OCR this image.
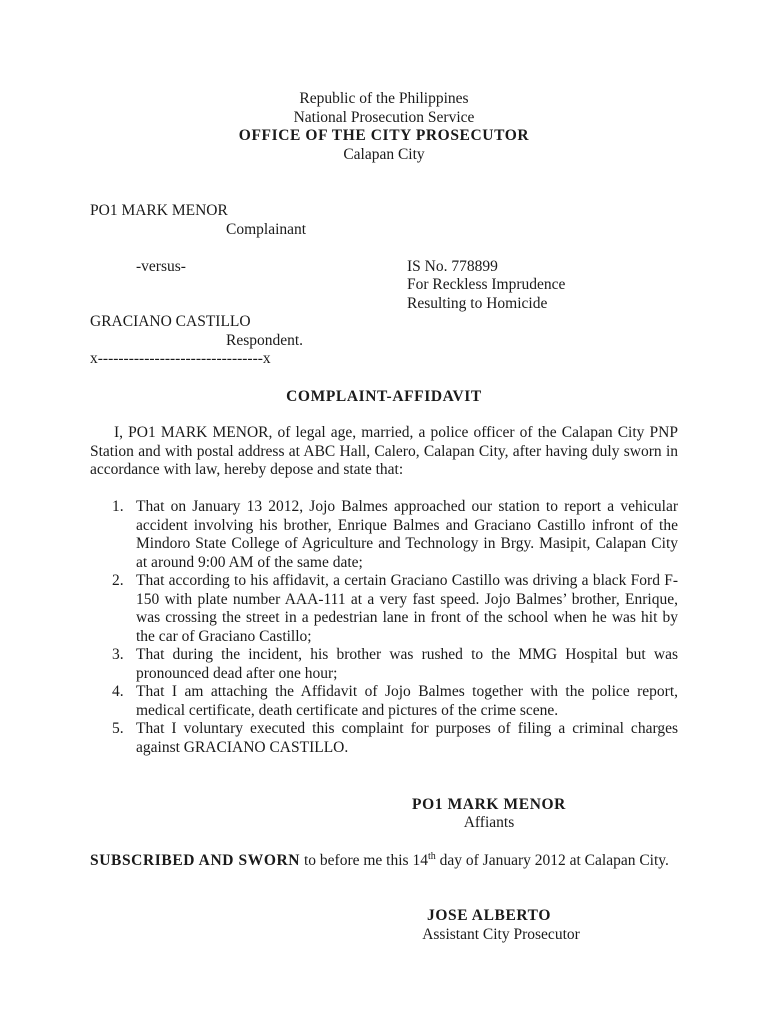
Republic of the Philippines
National Prosecution Service
OFFICE OF THE CITY PROSECUTOR
Calapan City
PO1 MARK MENOR
Complainant
-versus-	IS No. 778899
For Reckless Imprudence
Resulting to Homicide
GRACIANO CASTILLO
Respondent.
x--------------------------------x
COMPLAINT-AFFIDAVIT
I, PO1 MARK MENOR, of legal age, married, a police officer of the Calapan City PNP Station and with postal address at ABC Hall, Calero, Calapan City, after having duly sworn in accordance with law, hereby depose and state that:
1. That on January 13 2012, Jojo Balmes approached our station to report a vehicular accident involving his brother, Enrique Balmes and Graciano Castillo infront of the Mindoro State College of Agriculture and Technology in Brgy. Masipit, Calapan City at around 9:00 AM of the same date;
2. That according to his affidavit, a certain Graciano Castillo was driving a black Ford F-150 with plate number AAA-111 at a very fast speed. Jojo Balmes’ brother, Enrique, was crossing the street in a pedestrian lane in front of the school when he was hit by the car of Graciano Castillo;
3. That during the incident, his brother was rushed to the MMG Hospital but was pronounced dead after one hour;
4. That I am attaching the Affidavit of Jojo Balmes together with the police report, medical certificate, death certificate and pictures of the crime scene.
5. That I voluntary executed this complaint for purposes of filing a criminal charges against GRACIANO CASTILLO.
PO1 MARK MENOR
Affiants
SUBSCRIBED AND SWORN to before me this 14th day of January 2012 at Calapan City.
JOSE ALBERTO
Assistant City Prosecutor
